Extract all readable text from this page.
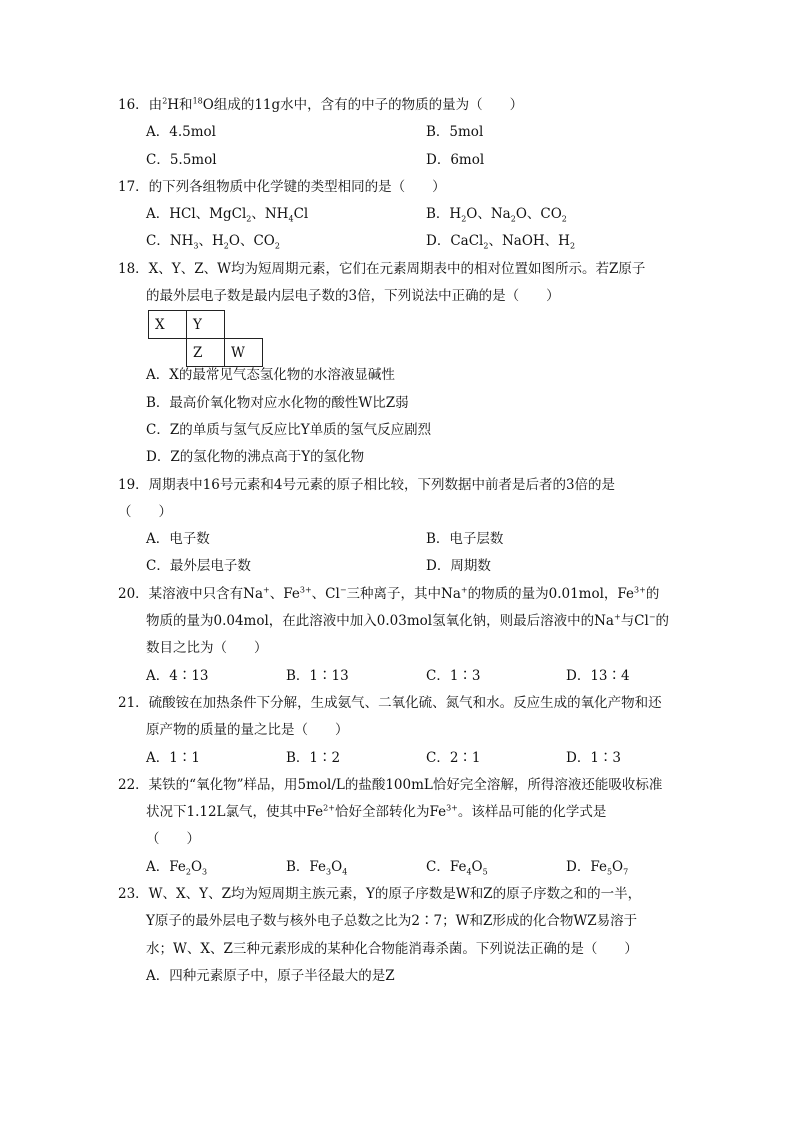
16．由$^2$H和$^{18}$O组成的11g水中，含有的中子的物质的量为（　　）
A．4.5mol	B．5mol
C．5.5mol	D．6mol
17．的下列各组物质中化学键的类型相同的是（　　）
A．HCl、MgCl$_2$、$NH_4Cl$	B．$H_2O$、$Na_2O$、$CO_2$
C．$NH_3$、$H_2O$、$CO_2$	D．CaCl$_2$、NaOH、$H_2$
18．X、Y、Z、W均为短周期元素，它们在元素周期表中的相对位置如图所示。若Z原子
的最外层电子数是最内层电子数的3倍，下列说法中正确的是（　　）
X	Y	
	Z	W
A．X的最常见气态氢化物的水溶液显碱性
B．最高价氧化物对应水化物的酸性W比Z弱
C．Z的单质与氢气反应比Y单质的氢气反应剧烈
D．Z的氢化物的沸点高于Y的氢化物
19．周期表中16号元素和4号元素的原子相比较，下列数据中前者是后者的3倍的是
（　　）
A．电子数	B．电子层数
C．最外层电子数	D．周期数
20．某溶液中只含有Na+、$Fe^{3+}$、Cl−三种离子，其中Na+的物质的量为0.01mol，$Fe^{3+}$的
物质的量为0.04mol，在此溶液中加入0.03mol氢氧化钠，则最后溶液中的Na+与Cl−的
数目之比为（　　）
A．4∶13	B．1∶13	C．1∶3	D．13∶4
21．硫酸铵在加热条件下分解，生成氨气、二氧化硫、氮气和水。反应生成的氧化产物和还
原产物的质量的量之比是（　　）
A．1∶1	B．1∶2	C．2∶1	D．1∶3
22．某铁的“氧化物”样品，用5mol/L的盐酸100mL恰好完全溶解，所得溶液还能吸收标准
状况下1.12L氯气，使其中$Fe^{2+}$恰好全部转化为$Fe^{3+}$。该样品可能的化学式是
（　　）
A．$Fe_2O_3$	B．$Fe_3O_4$	C．$Fe_4O_5$	D．$Fe_5O_7$
23．W、X、Y、Z均为短周期主族元素，Y的原子序数是W和Z的原子序数之和的一半，
Y原子的最外层电子数与核外电子总数之比为2∶7；W和Z形成的化合物WZ易溶于
水；W、X、Z三种元素形成的某种化合物能消毒杀菌。下列说法正确的是（　　）
A．四种元素原子中，原子半径最大的是Z
